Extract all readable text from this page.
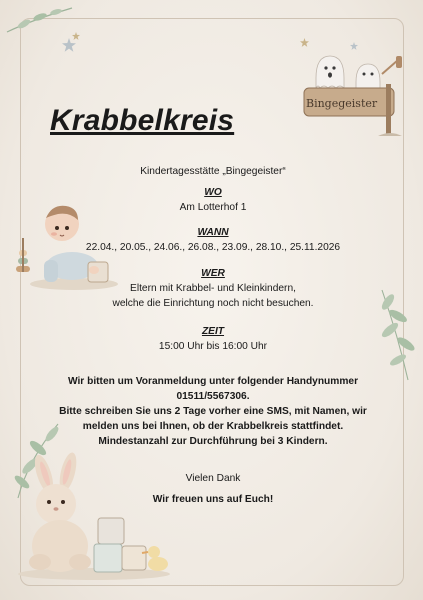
Bingegeister
Krabbelkreis
Kindertagesstätte „Bingegeister“
WO
Am Lotterhof 1
WANN
22.04., 20.05., 24.06., 26.08., 23.09., 28.10., 25.11.2026
WER
Eltern mit Krabbel- und Kleinkindern,
welche die Einrichtung noch nicht besuchen.
ZEIT
15:00 Uhr bis 16:00 Uhr
Wir bitten um Voranmeldung unter folgender Handynummer
01511/5567306.
Bitte schreiben Sie uns 2 Tage vorher eine SMS, mit Namen, wir
melden uns bei Ihnen, ob der Krabbelkreis stattfindet.
Mindestanzahl zur Durchführung bei 3 Kindern.
Vielen Dank
Wir freuen uns auf Euch!
